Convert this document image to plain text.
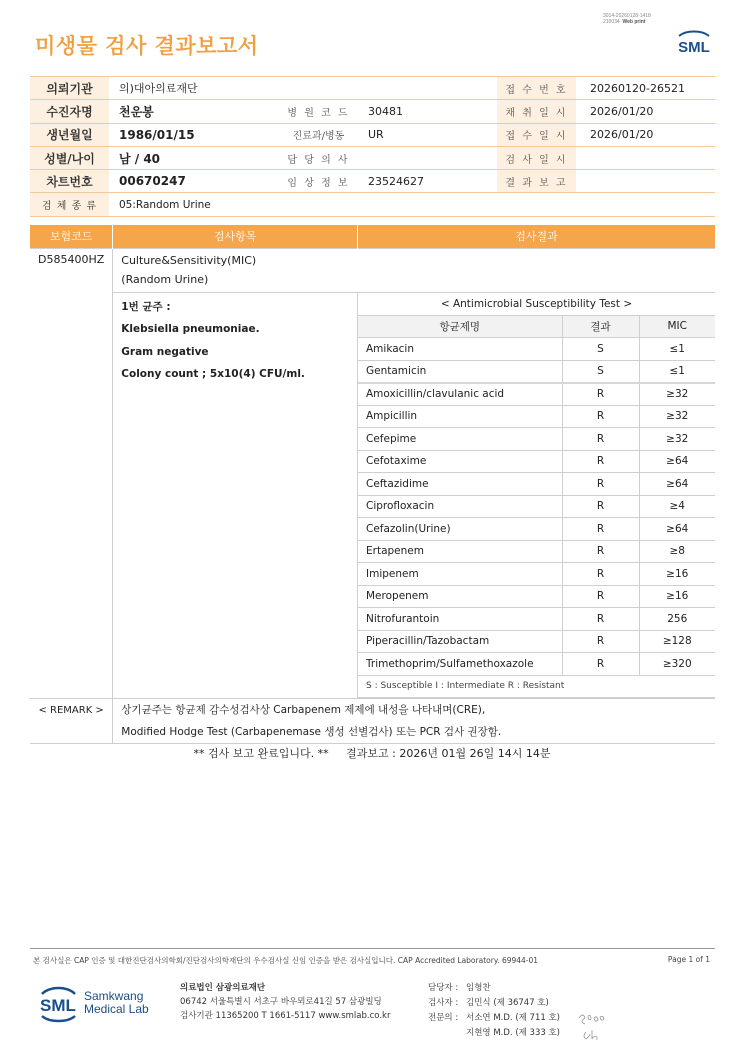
3014-20260128-1418
210034 Web print
미생물 검사 결과보고서	SML
의뢰기관	의)대아의료재단			접 수 번 호	20260120-26521
수진자명	천운봉	병 원 코 드	30481	채 취 일 시	2026/01/20
생년월일	1986/01/15	진료과/병동	UR	접 수 일 시	2026/01/20
성별/나이	남 / 40	담 당 의 사		검 사 일 시	
차트번호	00670247	임 상 정 보	23524627	결 과 보 고	
검 체 종 류	05:Random Urine				
보험코드	검사항목	검사결과
D585400HZ	Culture&Sensitivity(MIC)
(Random Urine)

1번 균주 :
Klebsiella pneumoniae.
Gram negative
Colony count ; 5x10(4) CFU/ml.

< Antimicrobial Susceptibility Test >
항균제명	결과	MIC
Amikacin	S	≤1
Gentamicin	S	≤1
Amoxicillin/clavulanic acid	R	≥32
Ampicillin	R	≥32
Cefepime	R	≥32
Cefotaxime	R	≥64
Ceftazidime	R	≥64
Ciprofloxacin	R	≥4
Cefazolin(Urine)	R	≥64
Ertapenem	R	≥8
Imipenem	R	≥16
Meropenem	R	≥16
Nitrofurantoin	R	256
Piperacillin/Tazobactam	R	≥128
Trimethoprim/Sulfamethoxazole	R	≥320
S : Susceptible I : Intermediate R : Resistant

< REMARK >	상기균주는 항균제 감수성검사상 Carbapenem 제제에 내성을 나타내며(CRE),
Modified Hodge Test (Carbapenemase 생성 선별검사) 또는 PCR 검사 권장함.
** 검사 보고 완료입니다. **     결과보고 : 2026년 01월 26일 14시 14분
본 검사실은 CAP 인증 및 대한진단검사의학회/진단검사의학재단의 우수검사실 신임 인증을 받은 검사실입니다. CAP Accredited Laboratory. 69944-01	Page 1 of 1
SML Samkwang
Medical Lab
의료법인 삼광의료재단
06742 서울특별시 서초구 바우뫼로41길 57 삼광빌딩
검사기관 11365200 T 1661-5117 www.smlab.co.kr
담당자 : 임형찬
검사자 : 김민식 (제 36747 호)
전문의 : 서소연 M.D. (제 711 호)
지현영 M.D. (제 333 호)
